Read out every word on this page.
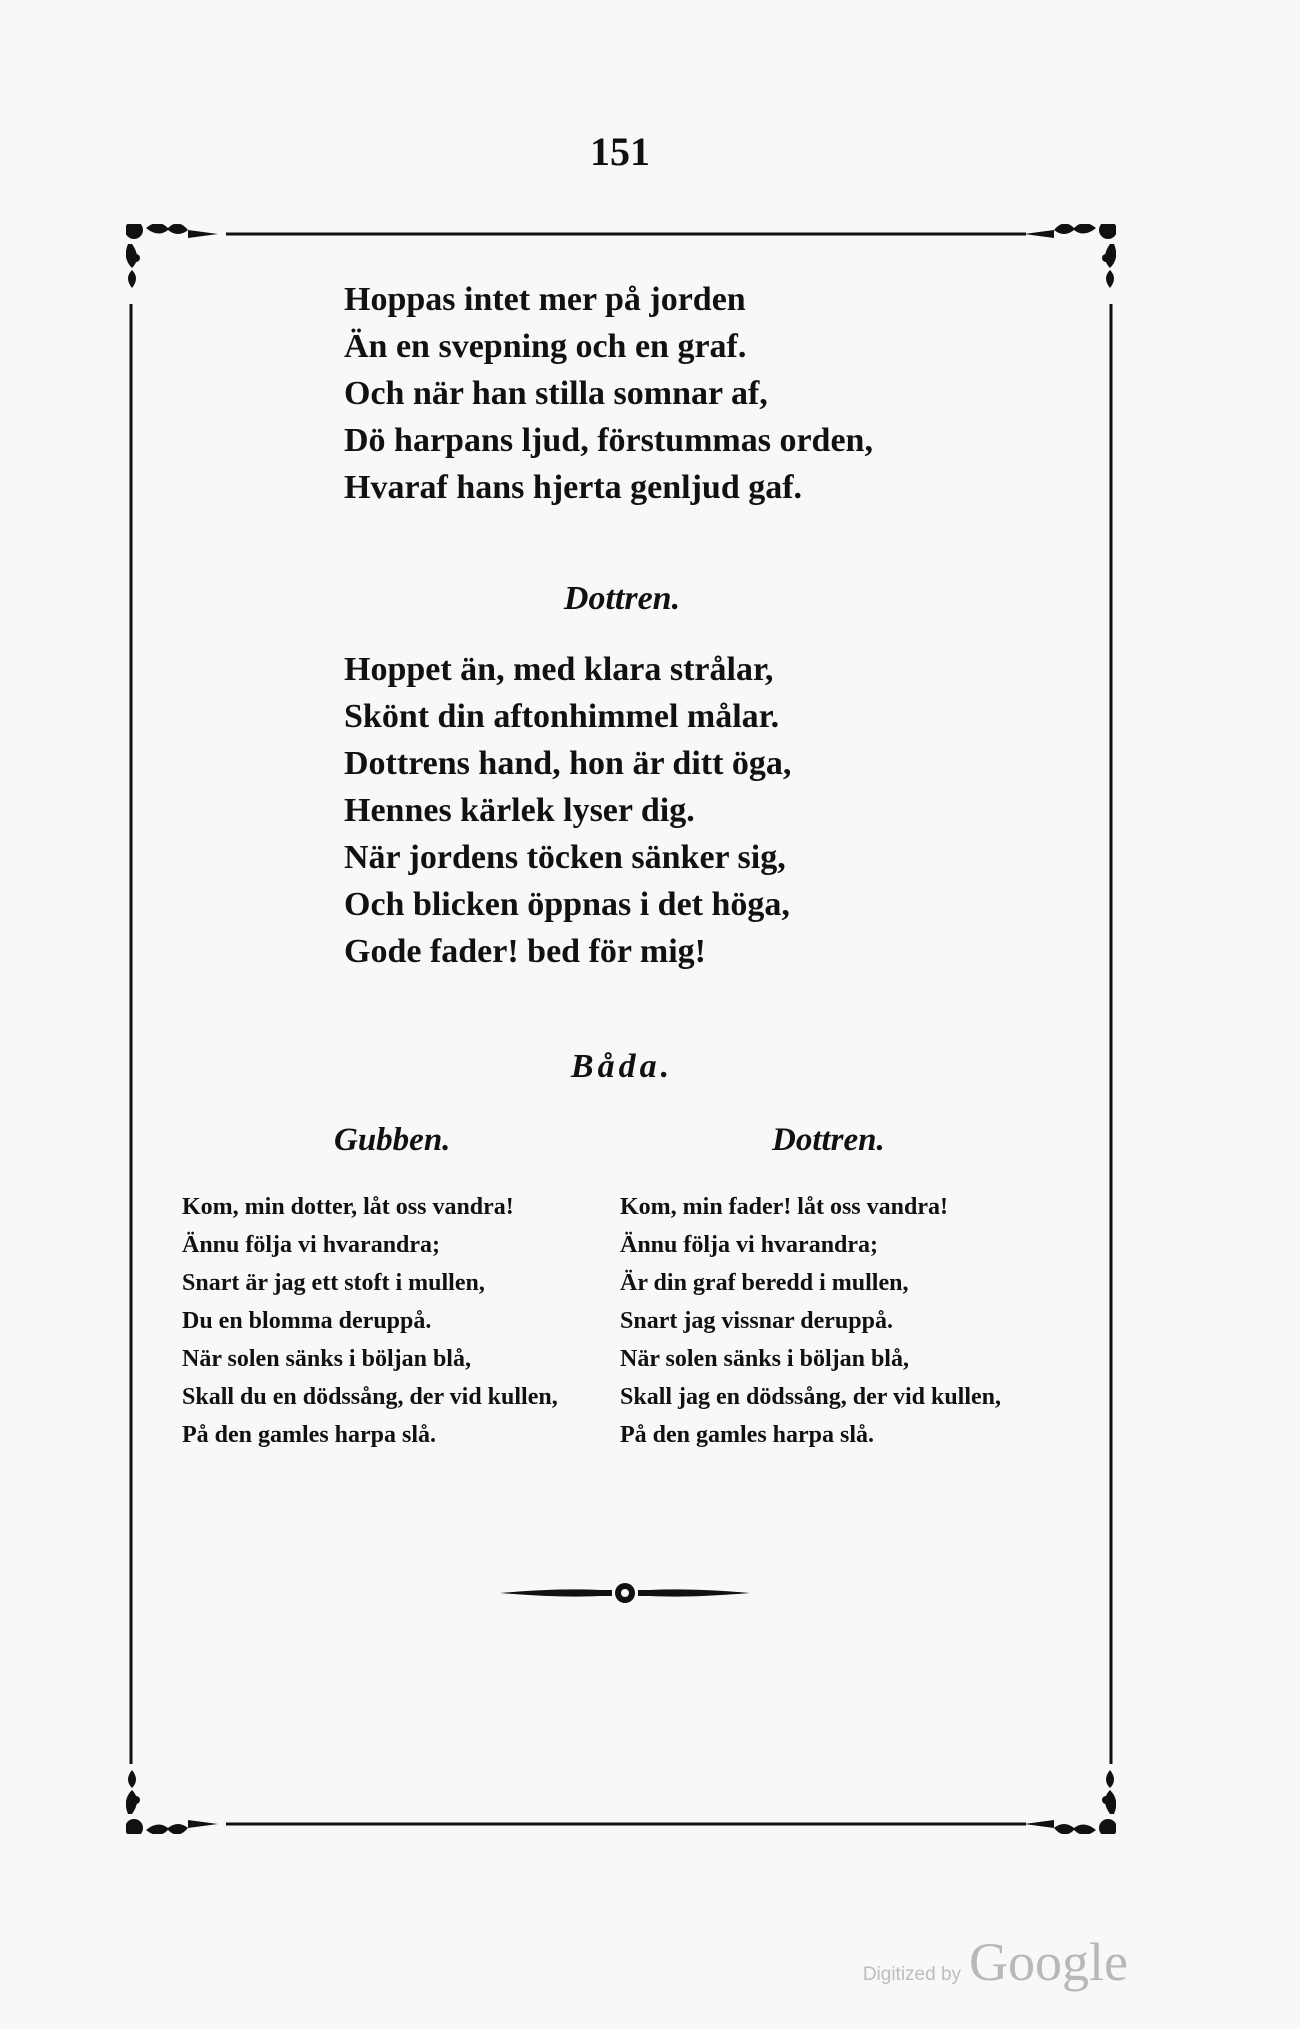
151
Hoppas intet mer på jorden
Än en svepning och en graf.
Och när han stilla somnar af,
Dö harpans ljud, förstummas orden,
Hvaraf hans hjerta genljud gaf.
Dottren.
Hoppet än, med klara strålar,
Skönt din aftonhimmel målar.
Dottrens hand, hon är ditt öga,
Hennes kärlek lyser dig.
När jordens töcken sänker sig,
Och blicken öppnas i det höga,
Gode fader! bed för mig!
Båda.
Gubben.	Dottren.
Kom, min dotter, låt oss vandra!
Ännu följa vi hvarandra;
Snart är jag ett stoft i mullen,
Du en blomma deruppå.
När solen sänks i böljan blå,
Skall du en dödssång, der vid kullen,
På den gamles harpa slå.
Kom, min fader! låt oss vandra!
Ännu följa vi hvarandra;
Är din graf beredd i mullen,
Snart jag vissnar deruppå.
När solen sänks i böljan blå,
Skall jag en dödssång, der vid kullen,
På den gamles harpa slå.
Digitized by Google
